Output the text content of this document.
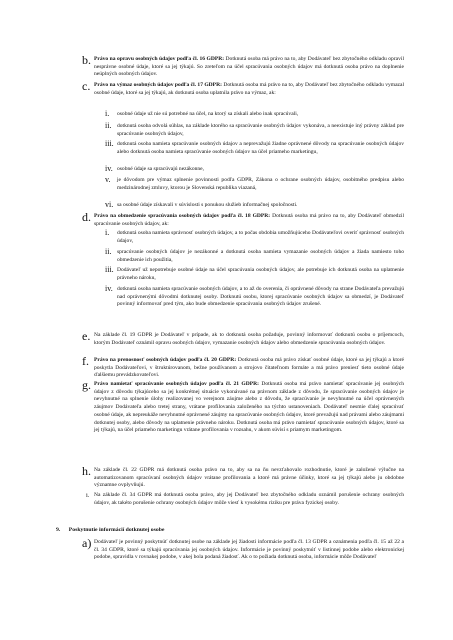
b. Právo na opravu osobných údajov podľa čl. 16 GDPR: Dotknutá osoba má právo na to, aby Dodávateľ bez zbytočného odkladu opravil nesprávne osobné údaje, ktoré sa jej týkajú. So zreteľom na účel spracúvania osobných údajov má dotknutá osoba právo na doplnenie neúplných osobných údajov.
c. Právo na výmaz osobných údajov podľa čl. 17 GDPR: Dotknutá osoba má právo na to, aby Dodávateľ bez zbytočného odkladu vymazal osobné údaje, ktoré sa jej týkajú, ak dotknutá osoba uplatnila právo na výmaz, ak:
i. osobné údaje už nie sú potrebné na účel, na ktorý sa získali alebo inak spracúvali,
ii. dotknutá osoba odvolá súhlas, na základe ktorého sa spracúvanie osobných údajov vykonáva, a neexistuje iný právny základ pre spracúvanie osobných údajov,
iii. dotknutá osoba namieta spracúvanie osobných údajov a neprevažujú žiadne oprávnené dôvody na spracúvanie osobných údajov alebo dotknutá osoba namieta spracúvanie osobných údajov na účel priameho marketingu,
iv. osobné údaje sa spracúvajú nezákonne,
v. je dôvodom pre výmaz splnenie povinnosti podľa GDPR, Zákona o ochrane osobných údajov, osobitného predpisu alebo medzinárodnej zmluvy, ktorou je Slovenská republika viazaná,
vi. sa osobné údaje získavali v súvislosti s ponukou služieb informačnej spoločnosti.
d. Právo na obmedzenie spracúvania osobných údajov podľa čl. 18 GDPR: Dotknutá osoba má právo na to, aby Dodávateľ obmedzil spracúvanie osobných údajov, ak:
i. dotknutá osoba namieta správnosť osobných údajov, a to počas obdobia umožňujúceho Dodávateľovi overiť správnosť osobných údajov,
ii. spracúvanie osobných údajov je nezákonné a dotknutá osoba namieta vymazanie osobných údajov a žiada namiesto toho obmedzenie ich použitia,
iii. Dodávateľ už nepotrebuje osobné údaje na účel spracúvania osobných údajov, ale potrebuje ich dotknutá osoba na uplatnenie právneho nároku,
iv. dotknutá osoba namieta spracúvanie osobných údajov, a to až do overenia, či oprávnené dôvody na strane Dodávateľa prevažujú nad oprávnenými dôvodmi dotknutej osoby. Dotknutú osobu, ktorej spracúvanie osobných údajov sa obmedzí, je Dodávateľ povinný informovať pred tým, ako bude obmedzenie spracúvania osobných údajov zrušené.
e. Na základe čl. 19 GDPR je Dodávateľ v prípade, ak to dotknutá osoba požaduje, povinný informovať dotknutú osobu o príjemcoch, ktorým Dodávateľ oznámil opravu osobných údajov, vymazanie osobných údajov alebo obmedzenie spracúvania osobných údajov.
f. Právo na prenosnosť osobných údajov podľa čl. 20 GDPR: Dotknutá osoba má právo získať osobné údaje, ktoré sa jej týkajú a ktoré poskytla Dodávateľovi, v štruktúrovanom, bežne používanom a strojovo čitateľnom formáte a má právo preniesť tieto osobné údaje ďalšiemu prevádzkovateľovi.
g. Právo namietať spracúvanie osobných údajov podľa čl. 21 GDPR: Dotknutá osoba má právo namietať spracúvanie jej osobných údajov z dôvodu týkajúceho sa jej konkrétnej situácie vykonávané na právnom základe z dôvodu, že spracúvanie osobných údajov je nevyhnutné na splnenie úlohy realizovanej vo verejnom záujme alebo z dôvodu, že spracúvanie je nevyhnutné na účel oprávnených záujmov Dodávateľa alebo tretej strany, vrátane profilovania založeného na týchto ustanoveniach. Dodávateľ nesmie ďalej spracúvať osobné údaje, ak nepreukáže nevyhnutné oprávnené záujmy na spracúvanie osobných údajov, ktoré prevažujú nad právami alebo záujmami dotknutej osoby, alebo dôvody na uplatnenie právneho nároku. Dotknutá osoba má právo namietať spracúvanie osobných údajov, ktoré sa jej týkajú, na účel priameho marketingu vrátane profilovania v rozsahu, v akom súvisí s priamym marketingom.
h. Na základe čl. 22 GDPR má dotknutá osoba právo na to, aby sa na ňu nevzťahovalo rozhodnutie, ktoré je založené výlučne na automatizovanom spracúvaní osobných údajov vrátane profilovania a ktoré má právne účinky, ktoré sa jej týkajú alebo ju obdobne významne ovplyvňujú.
i. Na základe čl. 34 GDPR má dotknutá osoba právo, aby jej Dodávateľ bez zbytočného odkladu oznámil porušenie ochrany osobných údajov, ak takéto porušenie ochrany osobných údajov môže viesť k vysokému riziku pre práva fyzickej osoby.
9.      Poskytnutie informácií dotknutej osobe
a) Dodávateľ je povinný poskytnúť dotknutej osobe na základe jej žiadosti informácie podľa čl. 13 GDPR a oznámenia podľa čl. 15 až 22 a čl. 34 GDPR, ktoré sa týkajú spracúvania jej osobných údajov. Informácie je povinný poskytnúť v listinnej podobe alebo elektronickej podobe, spravidla v rovnakej podobe, v akej bola podaná žiadosť. Ak o to požiada dotknutá osoba, informácie môže Dodávateľ
